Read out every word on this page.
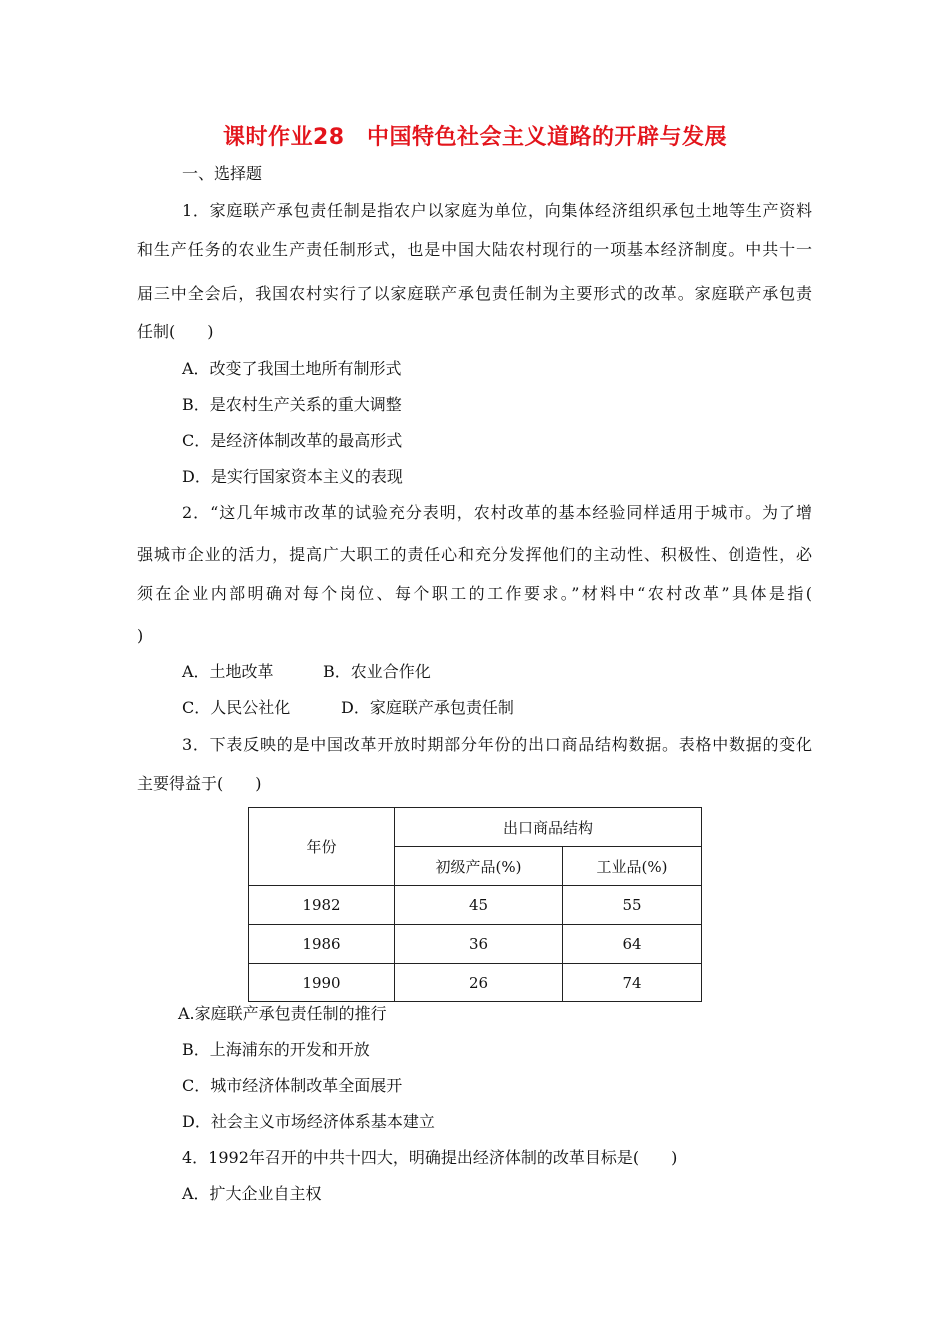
课时作业28　中国特色社会主义道路的开辟与发展
一、选择题
1．家庭联产承包责任制是指农户以家庭为单位，向集体经济组织承包土地等生产资料
和生产任务的农业生产责任制形式，也是中国大陆农村现行的一项基本经济制度。中共十一
届三中全会后，我国农村实行了以家庭联产承包责任制为主要形式的改革。家庭联产承包责
任制(　　)
A．改变了我国土地所有制形式
B．是农村生产关系的重大调整
C．是经济体制改革的最高形式
D．是实行国家资本主义的表现
2．“这几年城市改革的试验充分表明，农村改革的基本经验同样适用于城市。为了增
强城市企业的活力，提高广大职工的责任心和充分发挥他们的主动性、积极性、创造性，必
须在企业内部明确对每个岗位、每个职工的工作要求。”材料中“农村改革”具体是指(
)
A．土地改革	B．农业合作化
C．人民公社化	D．家庭联产承包责任制
3．下表反映的是中国改革开放时期部分年份的出口商品结构数据。表格中数据的变化
主要得益于(　　)
年份	出口商品结构	
	初级产品(%)	工业品(%)
1982	45	55
1986	36	64
1990	26	74
A.家庭联产承包责任制的推行
B．上海浦东的开发和开放
C．城市经济体制改革全面展开
D．社会主义市场经济体系基本建立
4．1992年召开的中共十四大，明确提出经济体制的改革目标是(　　)
A．扩大企业自主权
